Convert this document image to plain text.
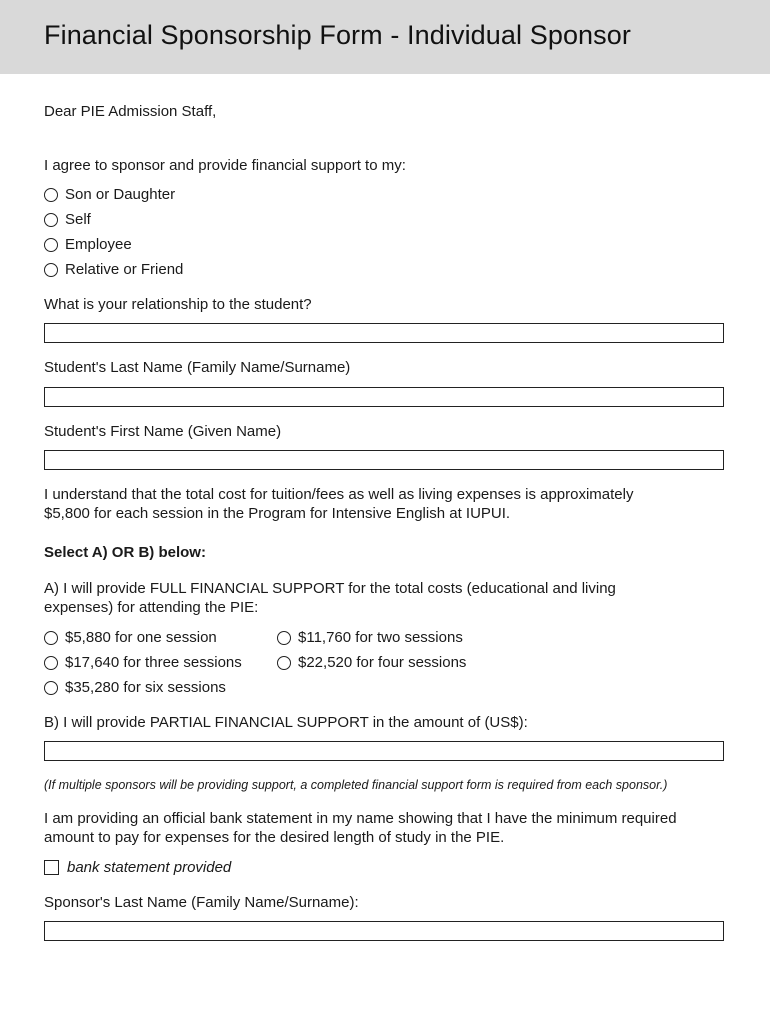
Financial Sponsorship Form - Individual Sponsor

Dear PIE Admission Staff,

I agree to sponsor and provide financial support to my:

Son or Daughter
Self
Employee
Relative or Friend

What is your relationship to the student?

Student's Last Name (Family Name/Surname)

Student's First Name (Given Name)

I understand that the total cost for tuition/fees as well as living expenses is approximately

$5,800 for each session in the Program for Intensive English at IUPUI.

Select A) OR B) below:

A) I will provide FULL FINANCIAL SUPPORT for the total costs (educational and living

expenses) for attending the PIE:

$5,880 for one session	$11,760 for two sessions
$17,640 for three sessions	$22,520 for four sessions
$35,280 for six sessions

B) I will provide PARTIAL FINANCIAL SUPPORT in the amount of (US$):

(If multiple sponsors will be providing support, a completed financial support form is required from each sponsor.)

I am providing an official bank statement in my name showing that I have the minimum required

amount to pay for expenses for the desired length of study in the PIE.

bank statement provided

Sponsor's Last Name (Family Name/Surname):
